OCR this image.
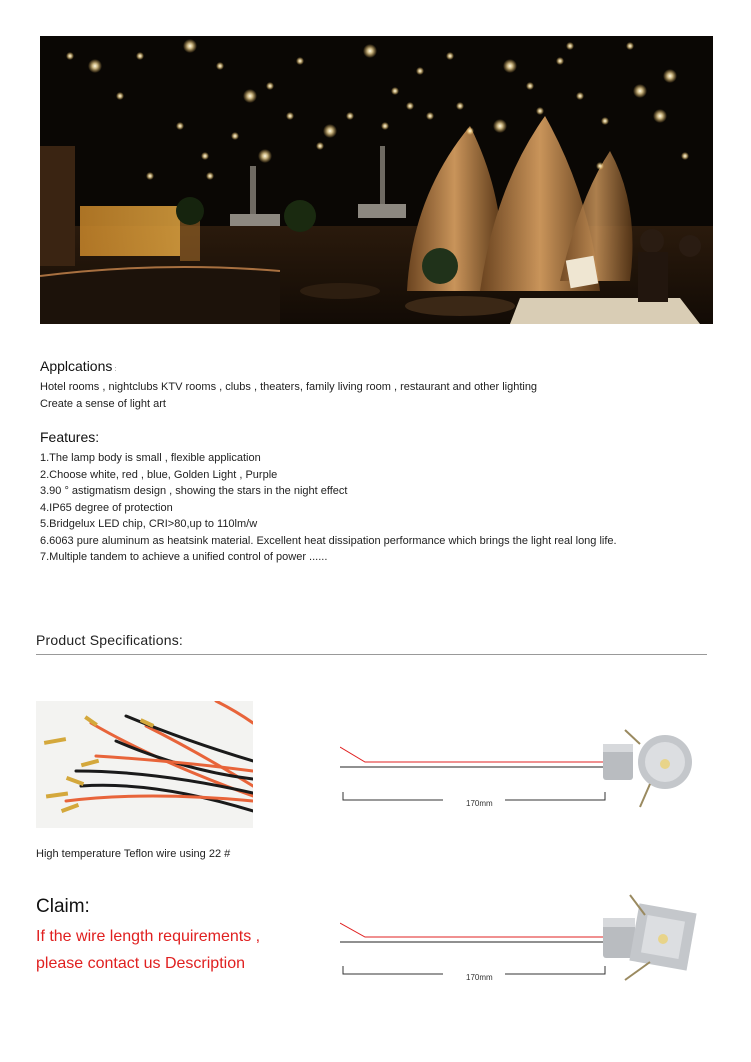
Applcations :
Hotel rooms , nightclubs KTV rooms , clubs , theaters, family living room , restaurant and other lighting
Create a sense of light art
Features:
1.The lamp body is small , flexible application
2.Choose white, red , blue, Golden Light , Purple
3.90 ° astigmatism design , showing the stars in the night effect
4.IP65 degree of protection
5.Bridgelux LED chip, CRI>80,up to 110lm/w
6.6063 pure aluminum as heatsink material. Excellent heat dissipation performance which brings the light real long life.
7.Multiple tandem to achieve a unified control of power ......
Product Specifications:
High temperature Teflon wire using 22 #
170mm
Claim:
If the wire length requirements ,
please contact us Description
170mm
